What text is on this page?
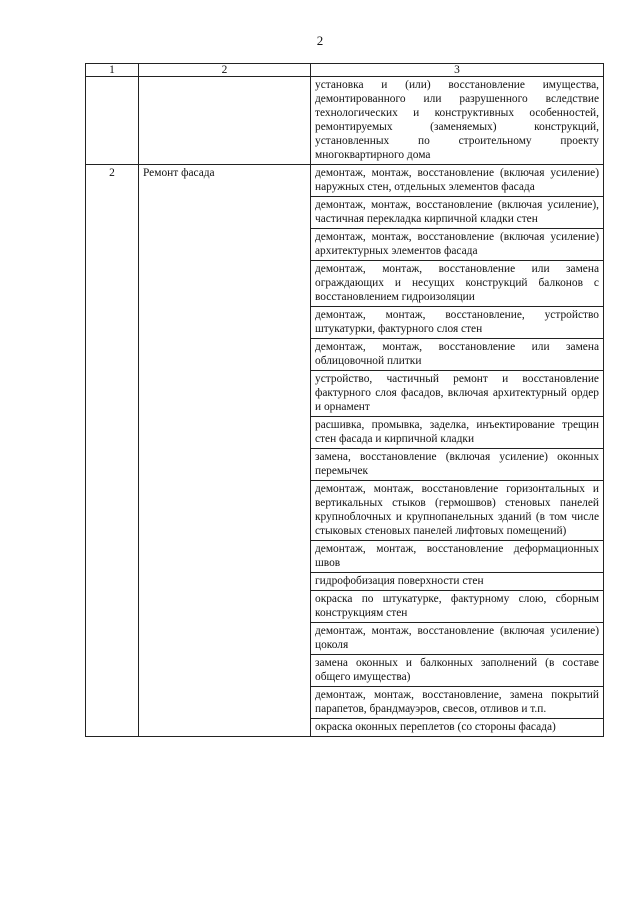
2
1	2	3
		установка и (или) восстановление имущества, демонтированного или разрушенного вследствие технологических и конструктивных особенностей, ремонтируемых (заменяемых) конструкций, установленных по строительному проекту многоквартирного дома
2	Ремонт фасада	демонтаж, монтаж, восстановление (включая усиление) наружных стен, отдельных элементов фасада
		демонтаж, монтаж, восстановление (включая усиление), частичная перекладка кирпичной кладки стен
		демонтаж, монтаж, восстановление (включая усиление) архитектурных элементов фасада
		демонтаж, монтаж, восстановление или замена ограждающих и несущих конструкций балконов с восстановлением гидроизоляции
		демонтаж, монтаж, восстановление, устройство штукатурки, фактурного слоя стен
		демонтаж, монтаж, восстановление или замена облицовочной плитки
		устройство, частичный ремонт и восстановление фактурного слоя фасадов, включая архитектурный ордер и орнамент
		расшивка, промывка, заделка, инъектирование трещин стен фасада и кирпичной кладки
		замена, восстановление (включая усиление) оконных перемычек
		демонтаж, монтаж, восстановление горизонтальных и вертикальных стыков (гермошвов) стеновых панелей крупноблочных и крупнопанельных зданий (в том числе стыковых стеновых панелей лифтовых помещений)
		демонтаж, монтаж, восстановление деформационных швов
		гидрофобизация поверхности стен
		окраска по штукатурке, фактурному слою, сборным конструкциям стен
		демонтаж, монтаж, восстановление (включая усиление) цоколя
		замена оконных и балконных заполнений (в составе общего имущества)
		демонтаж, монтаж, восстановление, замена покрытий парапетов, брандмауэров, свесов, отливов и т.п.
		окраска оконных переплетов (со стороны фасада)
